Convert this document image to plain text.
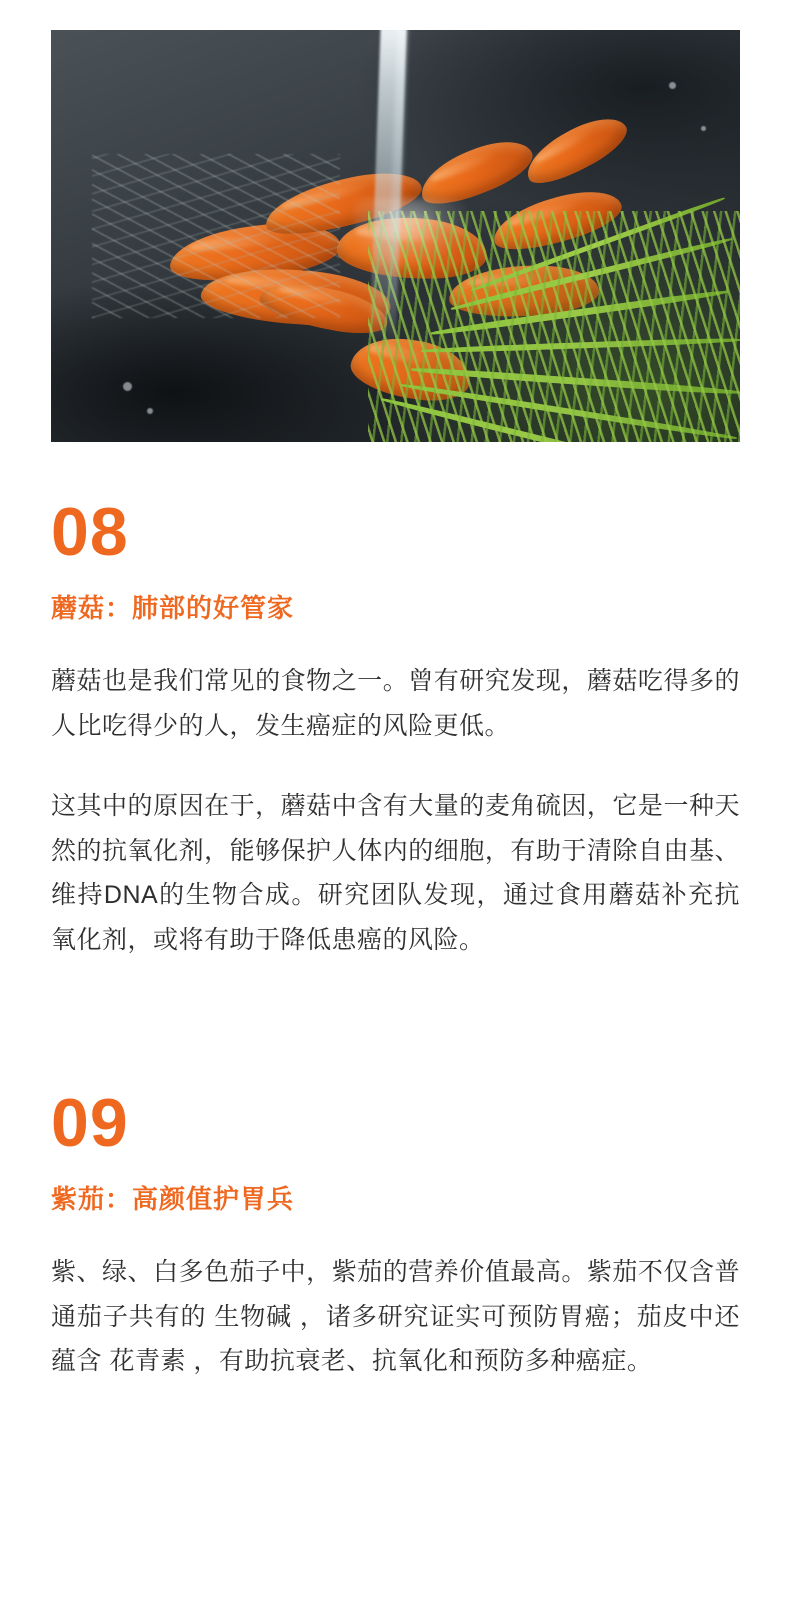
08
蘑菇：肺部的好管家

蘑菇也是我们常见的食物之一。曾有研究发现，蘑菇吃得多的人比吃得少的人，发生癌症的风险更低。

这其中的原因在于，蘑菇中含有大量的麦角硫因，它是一种天然的抗氧化剂，能够保护人体内的细胞，有助于清除自由基、维持DNA的生物合成。研究团队发现，通过食用蘑菇补充抗氧化剂，或将有助于降低患癌的风险。

09
紫茄：高颜值护胃兵

紫、绿、白多色茄子中，紫茄的营养价值最高。紫茄不仅含普通茄子共有的 生物碱 ，诸多研究证实可预防胃癌；茄皮中还蕴含 花青素 ，有助抗衰老、抗氧化和预防多种癌症。
